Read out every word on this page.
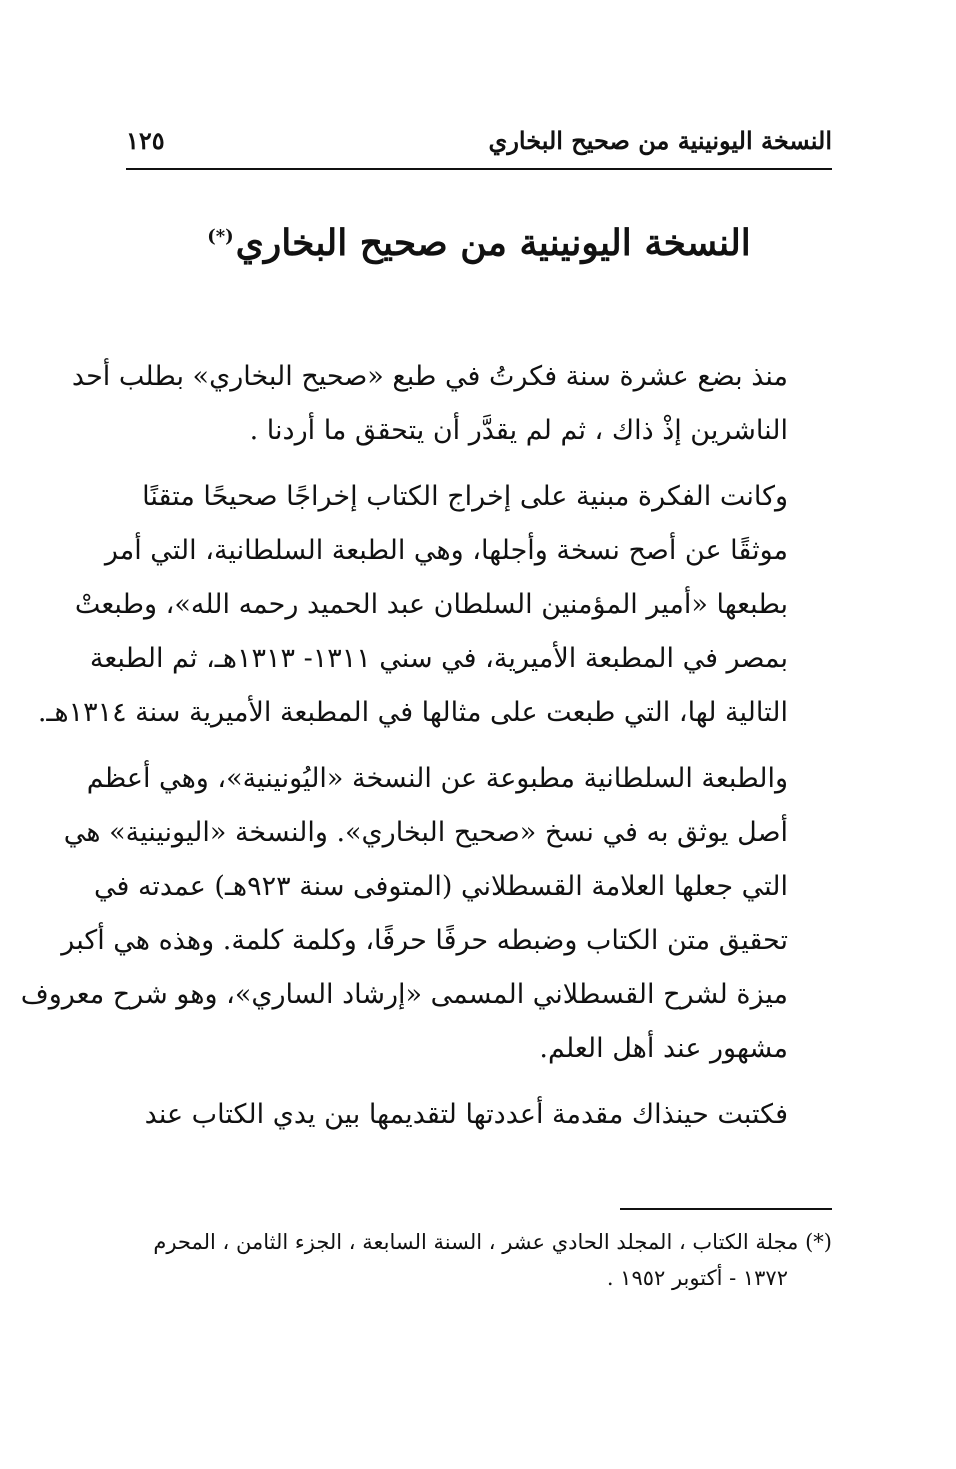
النسخة اليونينية من صحيح البخاري
١٢٥
النسخة اليونينية من صحيح البخاري(*)

منذ بضع عشرة سنة فكرتُ في طبع «صحيح البخاري» بطلب أحد
الناشرين إذْ ذاك ، ثم لم يقدَّر أن يتحقق ما أردنا .

وكانت الفكرة مبنية على إخراج الكتاب إخراجًا صحيحًا متقنًا
موثقًا عن أصح نسخة وأجلها، وهي الطبعة السلطانية، التي أمر
بطبعها «أمير المؤمنين السلطان عبد الحميد رحمه الله»، وطبعتْ
بمصر في المطبعة الأميرية، في سني ١٣١١- ١٣١٣هـ، ثم الطبعة
التالية لها، التي طبعت على مثالها في المطبعة الأميرية سنة ١٣١٤هـ.

والطبعة السلطانية مطبوعة عن النسخة «اليُونينية»، وهي أعظم
أصل يوثق به في نسخ «صحيح البخاري». والنسخة «اليونينية» هي
التي جعلها العلامة القسطلاني (المتوفى سنة ٩٢٣هـ) عمدته في
تحقيق متن الكتاب وضبطه حرفًا حرفًا، وكلمة كلمة. وهذه هي أكبر
ميزة لشرح القسطلاني المسمى «إرشاد الساري»، وهو شرح معروف
مشهور عند أهل العلم.

فكتبت حينذاك مقدمة أعددتها لتقديمها بين يدي الكتاب عند

(*) مجلة الكتاب ، المجلد الحادي عشر ، السنة السابعة ، الجزء الثامن ، المحرم
١٣٧٢ - أكتوبر ١٩٥٢ .
